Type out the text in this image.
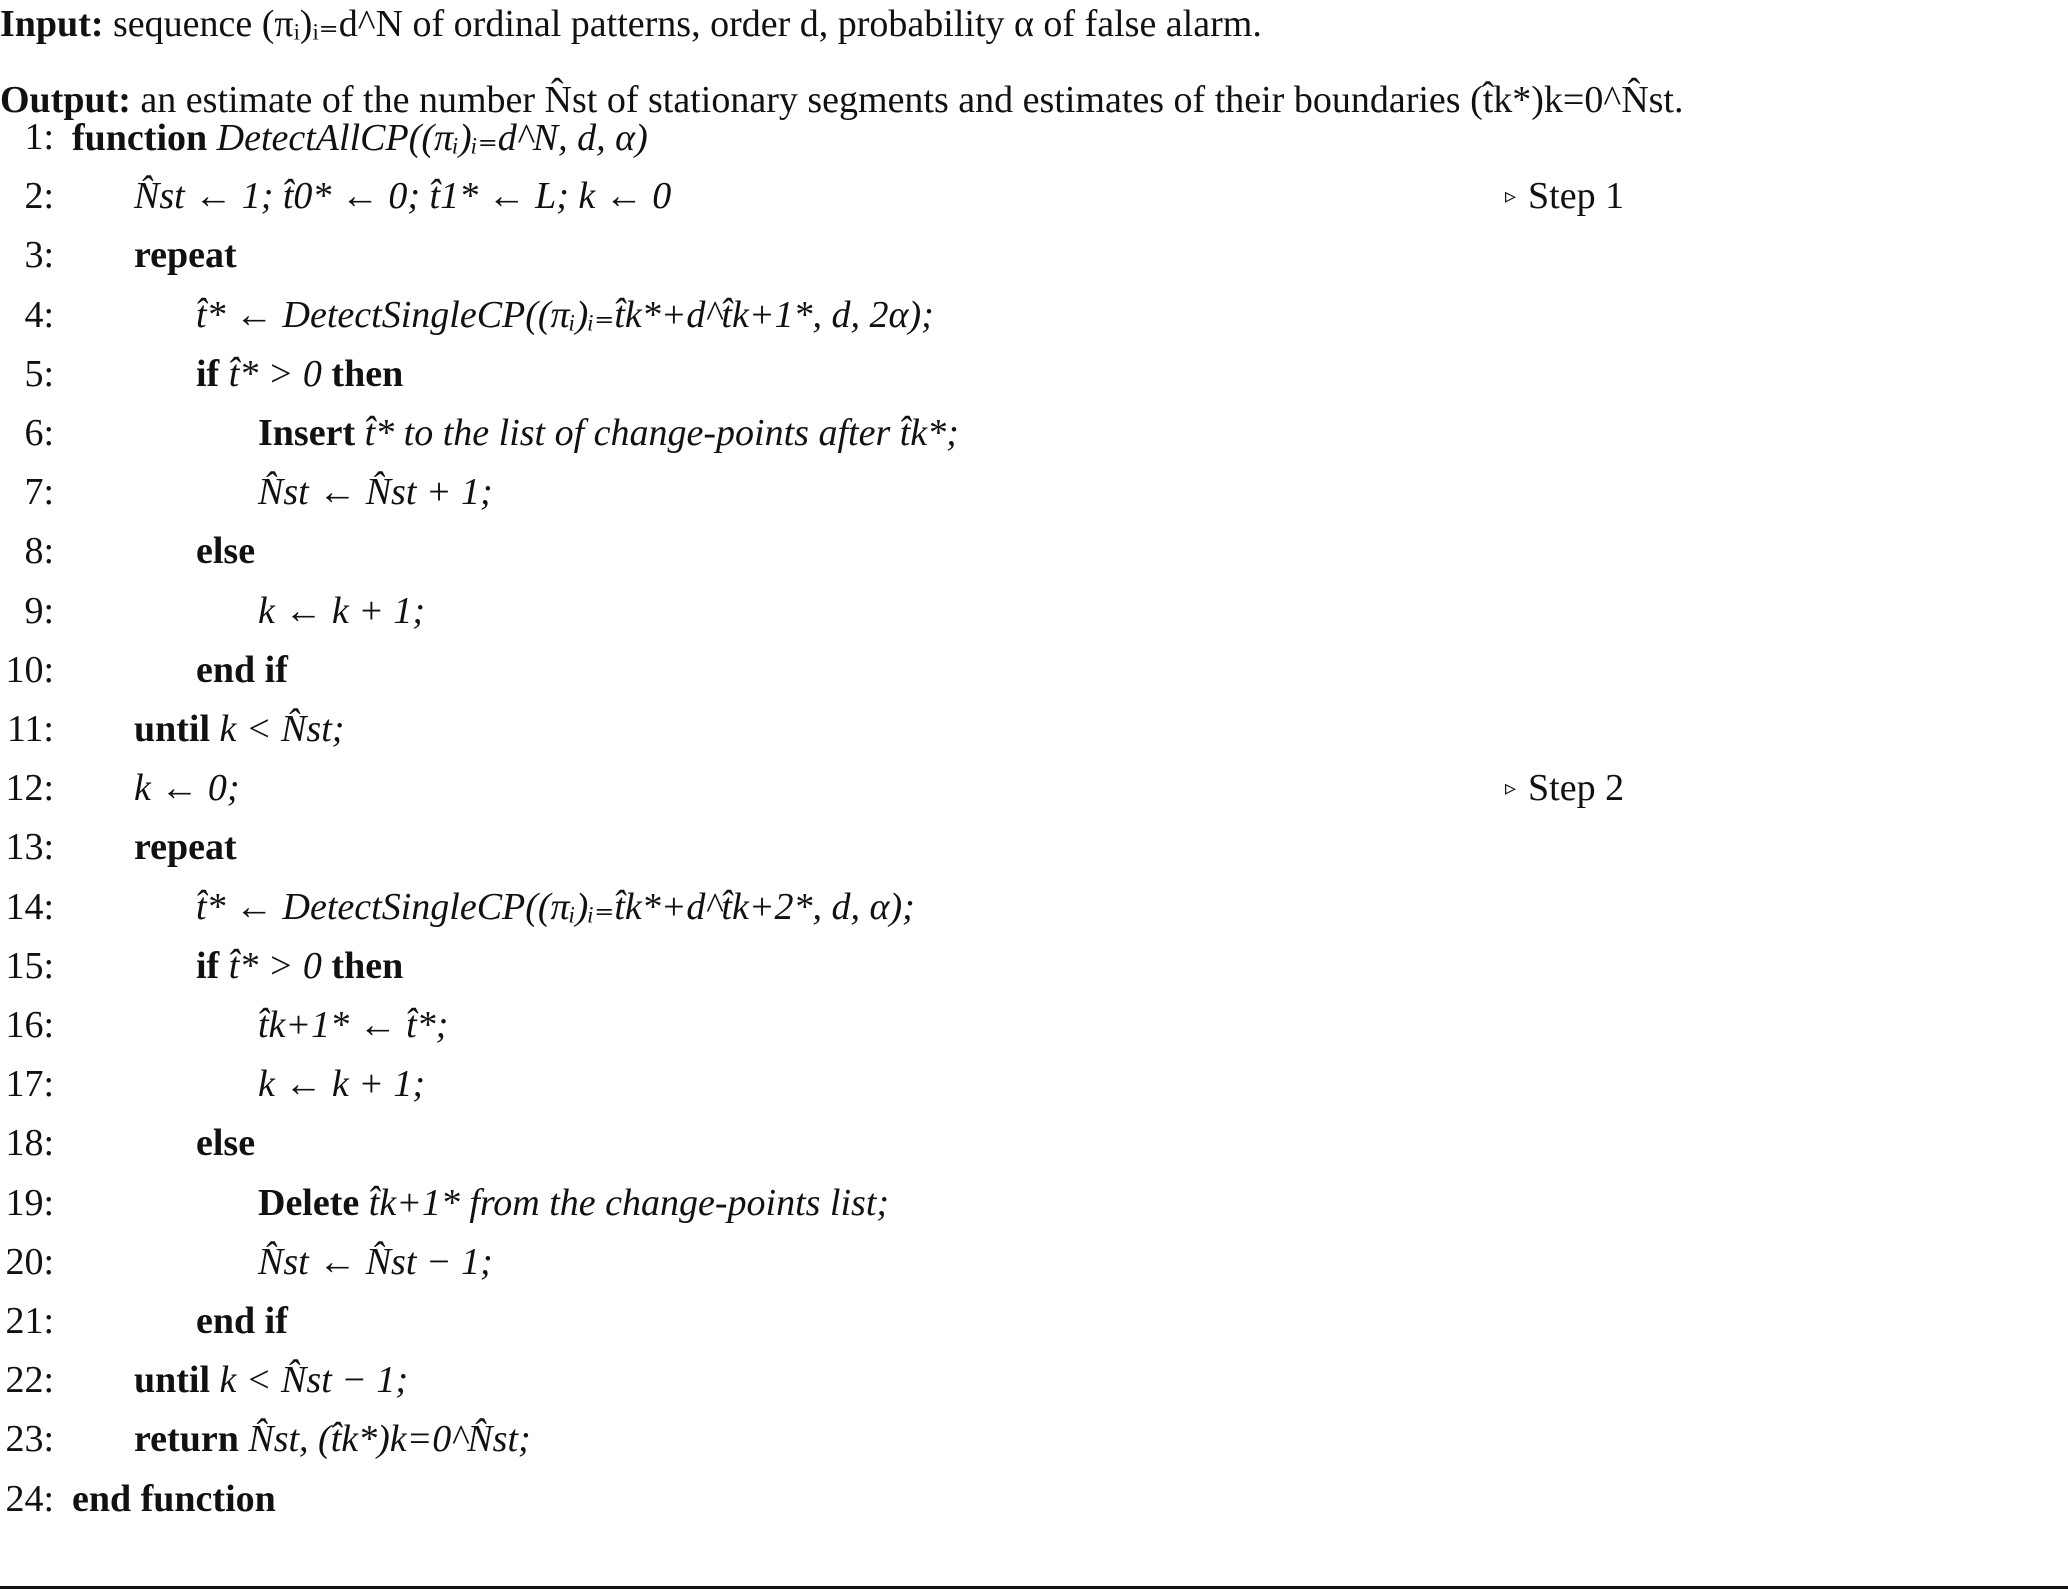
Input: sequence (πᵢ)ᵢ₌d^N of ordinal patterns, order d, probability α of false alarm.
Output: an estimate of the number N̂st of stationary segments and estimates of their boundaries (t̂k*)k=0^N̂st.
1: function DetectAllCP((πᵢ)ᵢ₌d^N, d, α)
2: N̂st ← 1; t̂0* ← 0; t̂1* ← L; k ← 0	▹ Step 1
3: repeat
4:	t̂* ← DetectSingleCP((πᵢ)ᵢ₌t̂k*+d^t̂k+1*, d, 2α);
5:	if t̂* > 0 then
6:	Insert t̂* to the list of change-points after t̂k*;
7:	N̂st ← N̂st + 1;
8:	else
9:	k ← k + 1;
10:	end if
11: until k < N̂st;
12: k ← 0;	▹ Step 2
13: repeat
14:	t̂* ← DetectSingleCP((πᵢ)ᵢ₌t̂k*+d^t̂k+2*, d, α);
15:	if t̂* > 0 then
16:	t̂k+1* ← t̂*;
17:	k ← k + 1;
18:	else
19:	Delete t̂k+1* from the change-points list;
20:	N̂st ← N̂st − 1;
21:	end if
22: until k < N̂st − 1;
23: return N̂st, (t̂k*)k=0^N̂st;
24: end function
